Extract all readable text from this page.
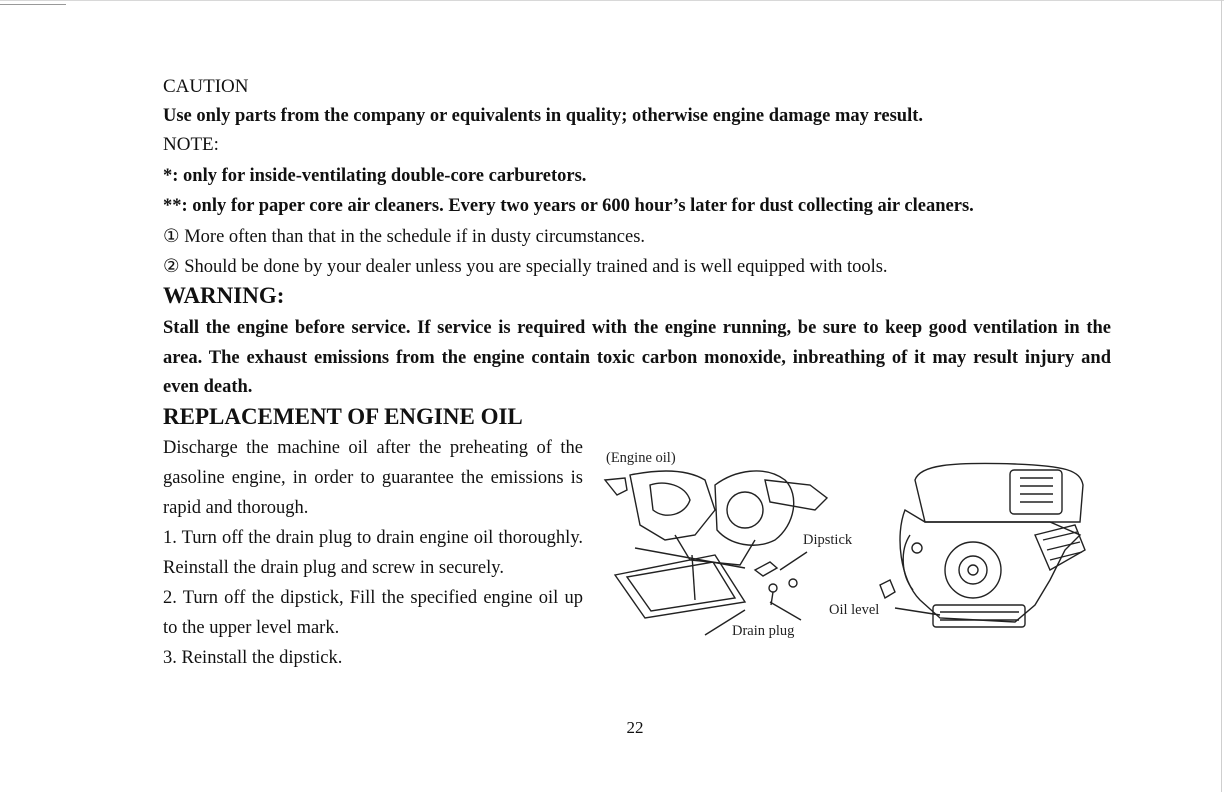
CAUTION
Use only parts from the company or equivalents in quality; otherwise engine damage may result.
NOTE:
*: only for inside-ventilating double-core carburetors.
**: only for paper core air cleaners. Every two years or 600 hour’s later for dust collecting air cleaners.
① More often than that in the schedule if in dusty circumstances.
② Should be done by your dealer unless you are specially trained and is well equipped with tools.
WARNING:
Stall the engine before service. If service is required with the engine running, be sure to keep good ventilation in the area. The exhaust emissions from the engine contain toxic carbon monoxide, inbreathing of it may result injury and even death.
REPLACEMENT OF ENGINE OIL

Discharge the machine oil after the preheating of the gasoline engine, in order to guarantee the emissions is rapid and thorough.

1. Turn off the drain plug to drain engine oil thoroughly. Reinstall the drain plug and screw in securely.

2. Turn off the dipstick, Fill the specified engine oil up to the upper level mark.

3. Reinstall the dipstick.

(Engine oil)
Dipstick
Drain plug
Oil level
22
